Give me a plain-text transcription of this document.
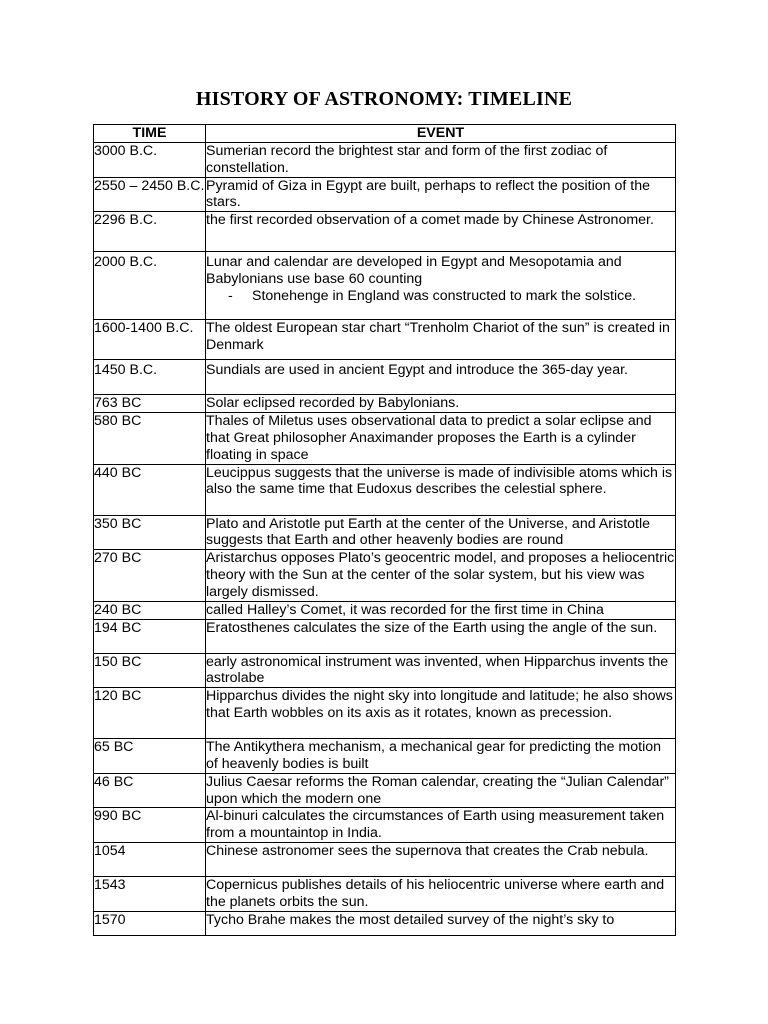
HISTORY OF ASTRONOMY: TIMELINE
TIME	EVENT
3000 B.C.	Sumerian record the brightest star and form of the first zodiac of constellation.
2550 – 2450 B.C.	Pyramid of Giza in Egypt are built, perhaps to reflect the position of the stars.
2296 B.C.	the first recorded observation of a comet made by Chinese Astronomer.
2000 B.C.	Lunar and calendar are developed in Egypt and Mesopotamia and Babylonians use base 60 counting
- Stonehenge in England was constructed to mark the solstice.

1600-1400 B.C.	The oldest European star chart “Trenholm Chariot of the sun” is created in Denmark
1450 B.C.	Sundials are used in ancient Egypt and introduce the 365-day year.
763 BC	Solar eclipsed recorded by Babylonians.
580 BC	Thales of Miletus uses observational data to predict a solar eclipse and that Great philosopher Anaximander proposes the Earth is a cylinder floating in space
440 BC	Leucippus suggests that the universe is made of indivisible atoms which is also the same time that Eudoxus describes the celestial sphere.
350 BC	Plato and Aristotle put Earth at the center of the Universe, and Aristotle suggests that Earth and other heavenly bodies are round
270 BC	Aristarchus opposes Plato’s geocentric model, and proposes a heliocentric theory with the Sun at the center of the solar system, but his view was largely dismissed.
240 BC	called Halley’s Comet, it was recorded for the first time in China
194 BC	Eratosthenes calculates the size of the Earth using the angle of the sun.
150 BC	early astronomical instrument was invented, when Hipparchus invents the astrolabe
120 BC	Hipparchus divides the night sky into longitude and latitude; he also shows that Earth wobbles on its axis as it rotates, known as precession.
65 BC	The Antikythera mechanism, a mechanical gear for predicting the motion of heavenly bodies is built
46 BC	Julius Caesar reforms the Roman calendar, creating the “Julian Calendar” upon which the modern one
990 BC	Al-binuri calculates the circumstances of Earth using measurement taken from a mountaintop in India.
1054	Chinese astronomer sees the supernova that creates the Crab nebula.
1543	Copernicus publishes details of his heliocentric universe where earth and the planets orbits the sun.
1570	Tycho Brahe makes the most detailed survey of the night’s sky to
